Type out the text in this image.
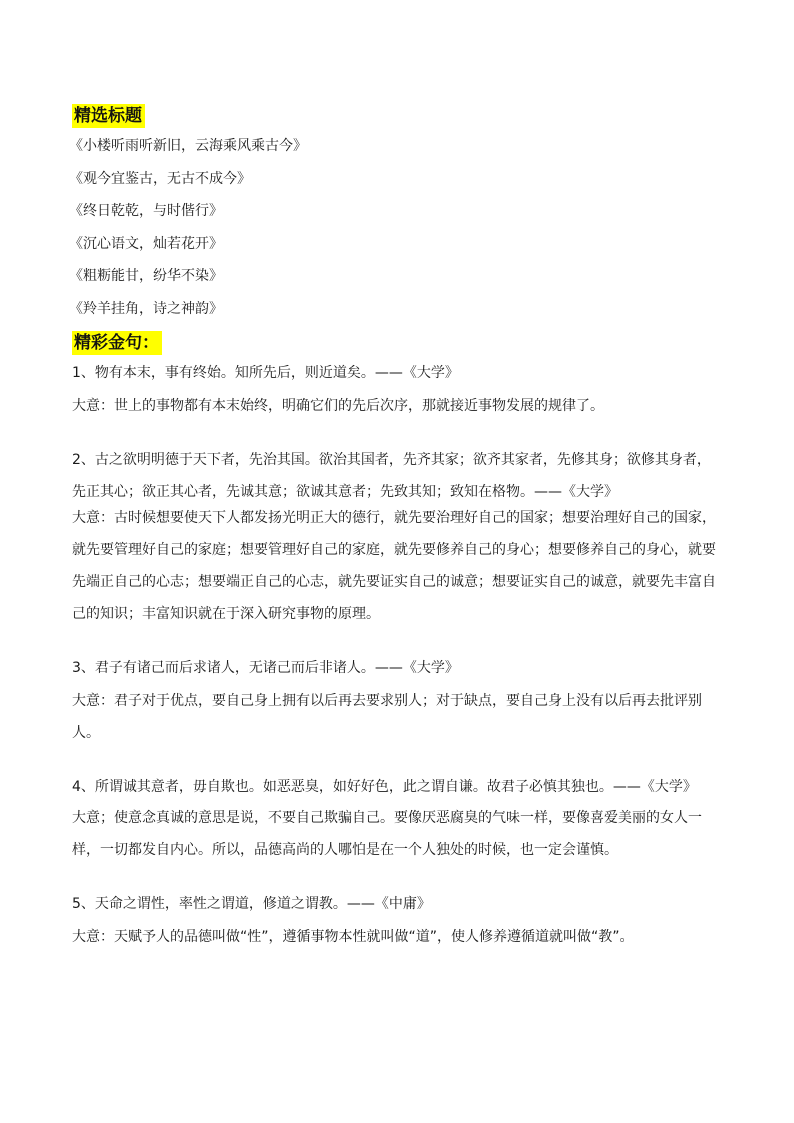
精选标题
《小楼听雨听新旧，云海乘风乘古今》
《观今宜鉴古，无古不成今》
《终日乾乾，与时偕行》
《沉心语文，灿若花开》
《粗粝能甘，纷华不染》
《羚羊挂角，诗之神韵》
精彩金句：

1、物有本末，事有终始。知所先后，则近道矣。——《大学》

大意：世上的事物都有本末始终，明确它们的先后次序，那就接近事物发展的规律了。

2、古之欲明明德于天下者，先治其国。欲治其国者，先齐其家；欲齐其家者，先修其身；欲修其身者，先正其心；欲正其心者，先诚其意；欲诚其意者；先致其知；致知在格物。——《大学》

大意：古时候想要使天下人都发扬光明正大的德行，就先要治理好自己的国家；想要治理好自己的国家，就先要管理好自己的家庭；想要管理好自己的家庭，就先要修养自己的身心；想要修养自己的身心，就要先端正自己的心志；想要端正自己的心志，就先要证实自己的诚意；想要证实自己的诚意，就要先丰富自己的知识；丰富知识就在于深入研究事物的原理。

3、君子有诸己而后求诸人，无诸己而后非诸人。——《大学》

大意：君子对于优点，要自己身上拥有以后再去要求别人；对于缺点，要自己身上没有以后再去批评别人。

4、所谓诚其意者，毋自欺也。如恶恶臭，如好好色，此之谓自谦。故君子必慎其独也。——《大学》

大意；使意念真诚的意思是说，不要自己欺骗自己。要像厌恶腐臭的气味一样，要像喜爱美丽的女人一样，一切都发自内心。所以，品德高尚的人哪怕是在一个人独处的时候，也一定会谨慎。

5、天命之谓性，率性之谓道，修道之谓教。——《中庸》

大意：天赋予人的品德叫做“性”，遵循事物本性就叫做“道”，使人修养遵循道就叫做“教”。
